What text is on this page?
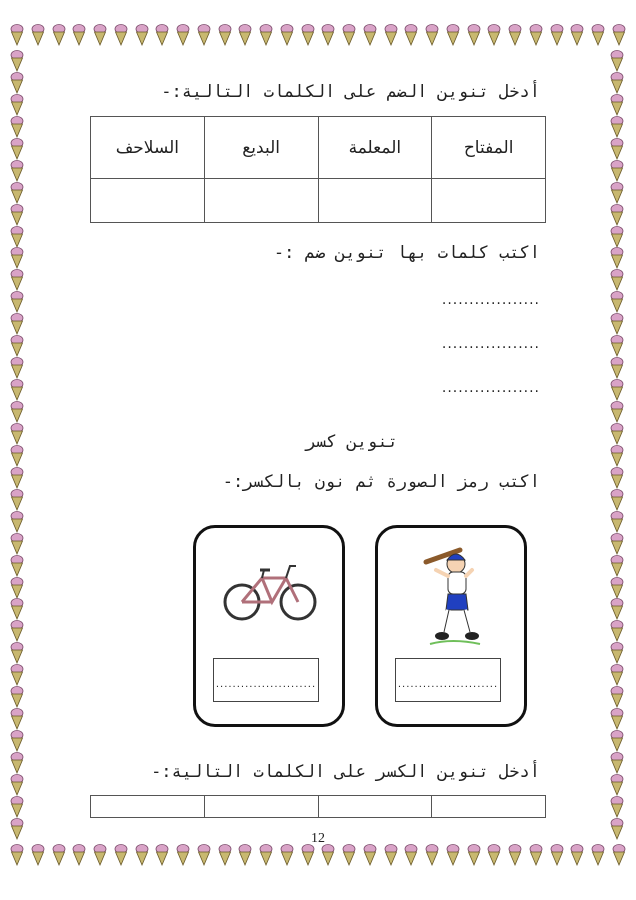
أدخل تنوين الضم على الكلمات التالية:-
المفتاح	المعلمة	البديع	السلاحف

اكتب كلمات بها تنوين ضم :-
..................
..................
..................
تنوين كسر
اكتب رمز الصورة ثم نون بالكسر:-
........................
........................
أدخل تنوين الكسر على الكلمات التالية:-

12
